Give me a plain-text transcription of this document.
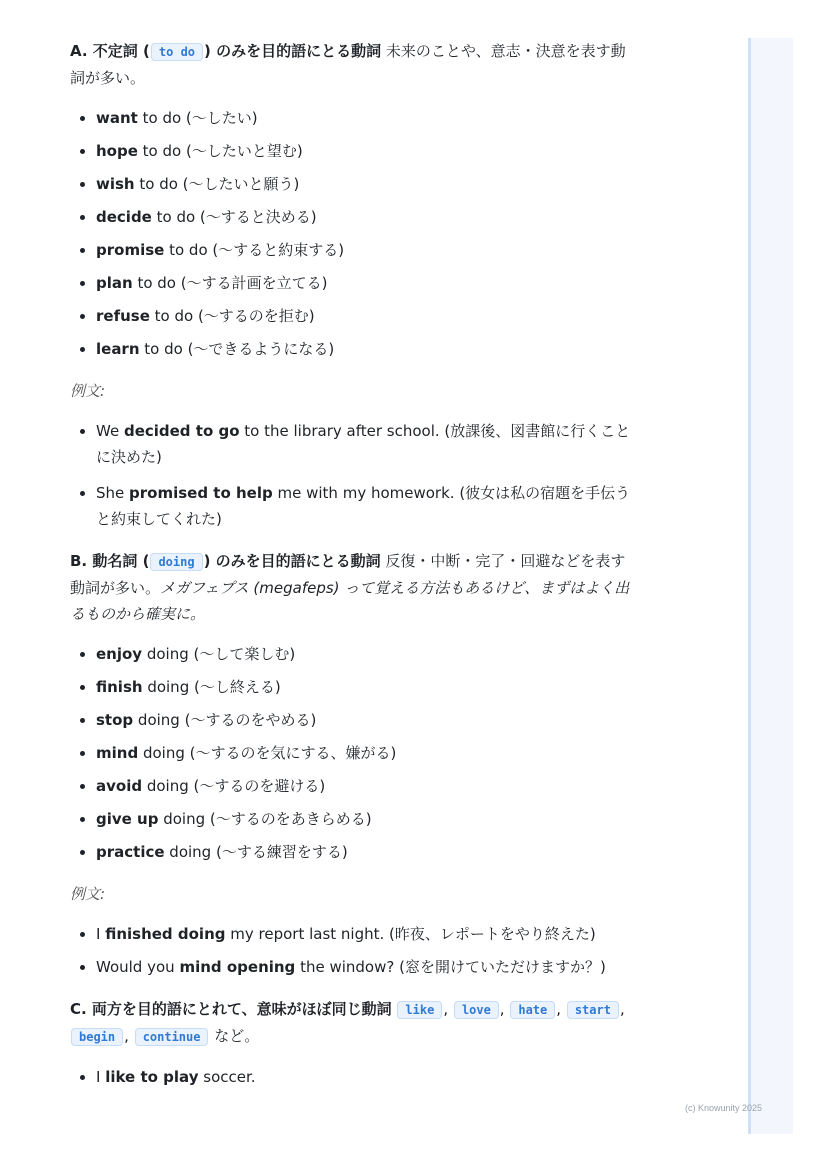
A. 不定詞 ( to do ) のみを目的語にとる動詞 未来のことや、意志・決意を表す動詞が多い。

• want to do (〜したい)
• hope to do (〜したいと望む)
• wish to do (〜したいと願う)
• decide to do (〜すると決める)
• promise to do (〜すると約束する)
• plan to do (〜する計画を立てる)
• refuse to do (〜するのを拒む)
• learn to do (〜できるようになる)

例文:

• We decided to go to the library after school. (放課後、図書館に行くことに決めた)
• She promised to help me with my homework. (彼女は私の宿題を手伝うと約束してくれた)

B. 動名詞 ( doing ) のみを目的語にとる動詞 反復・中断・完了・回避などを表す動詞が多い。メガフェプス (megafeps) って覚える方法もあるけど、まずはよく出るものから確実に。

• enjoy doing (〜して楽しむ)
• finish doing (〜し終える)
• stop doing (〜するのをやめる)
• mind doing (〜するのを気にする、嫌がる)
• avoid doing (〜するのを避ける)
• give up doing (〜するのをあきらめる)
• practice doing (〜する練習をする)

例文:

• I finished doing my report last night. (昨夜、レポートをやり終えた)
• Would you mind opening the window? (窓を開けていただけますか？)

C. 両方を目的語にとれて、意味がほぼ同じ動詞 like , love , hate , start , begin , continue など。

• I like to play soccer.
(c) Knowunity 2025
